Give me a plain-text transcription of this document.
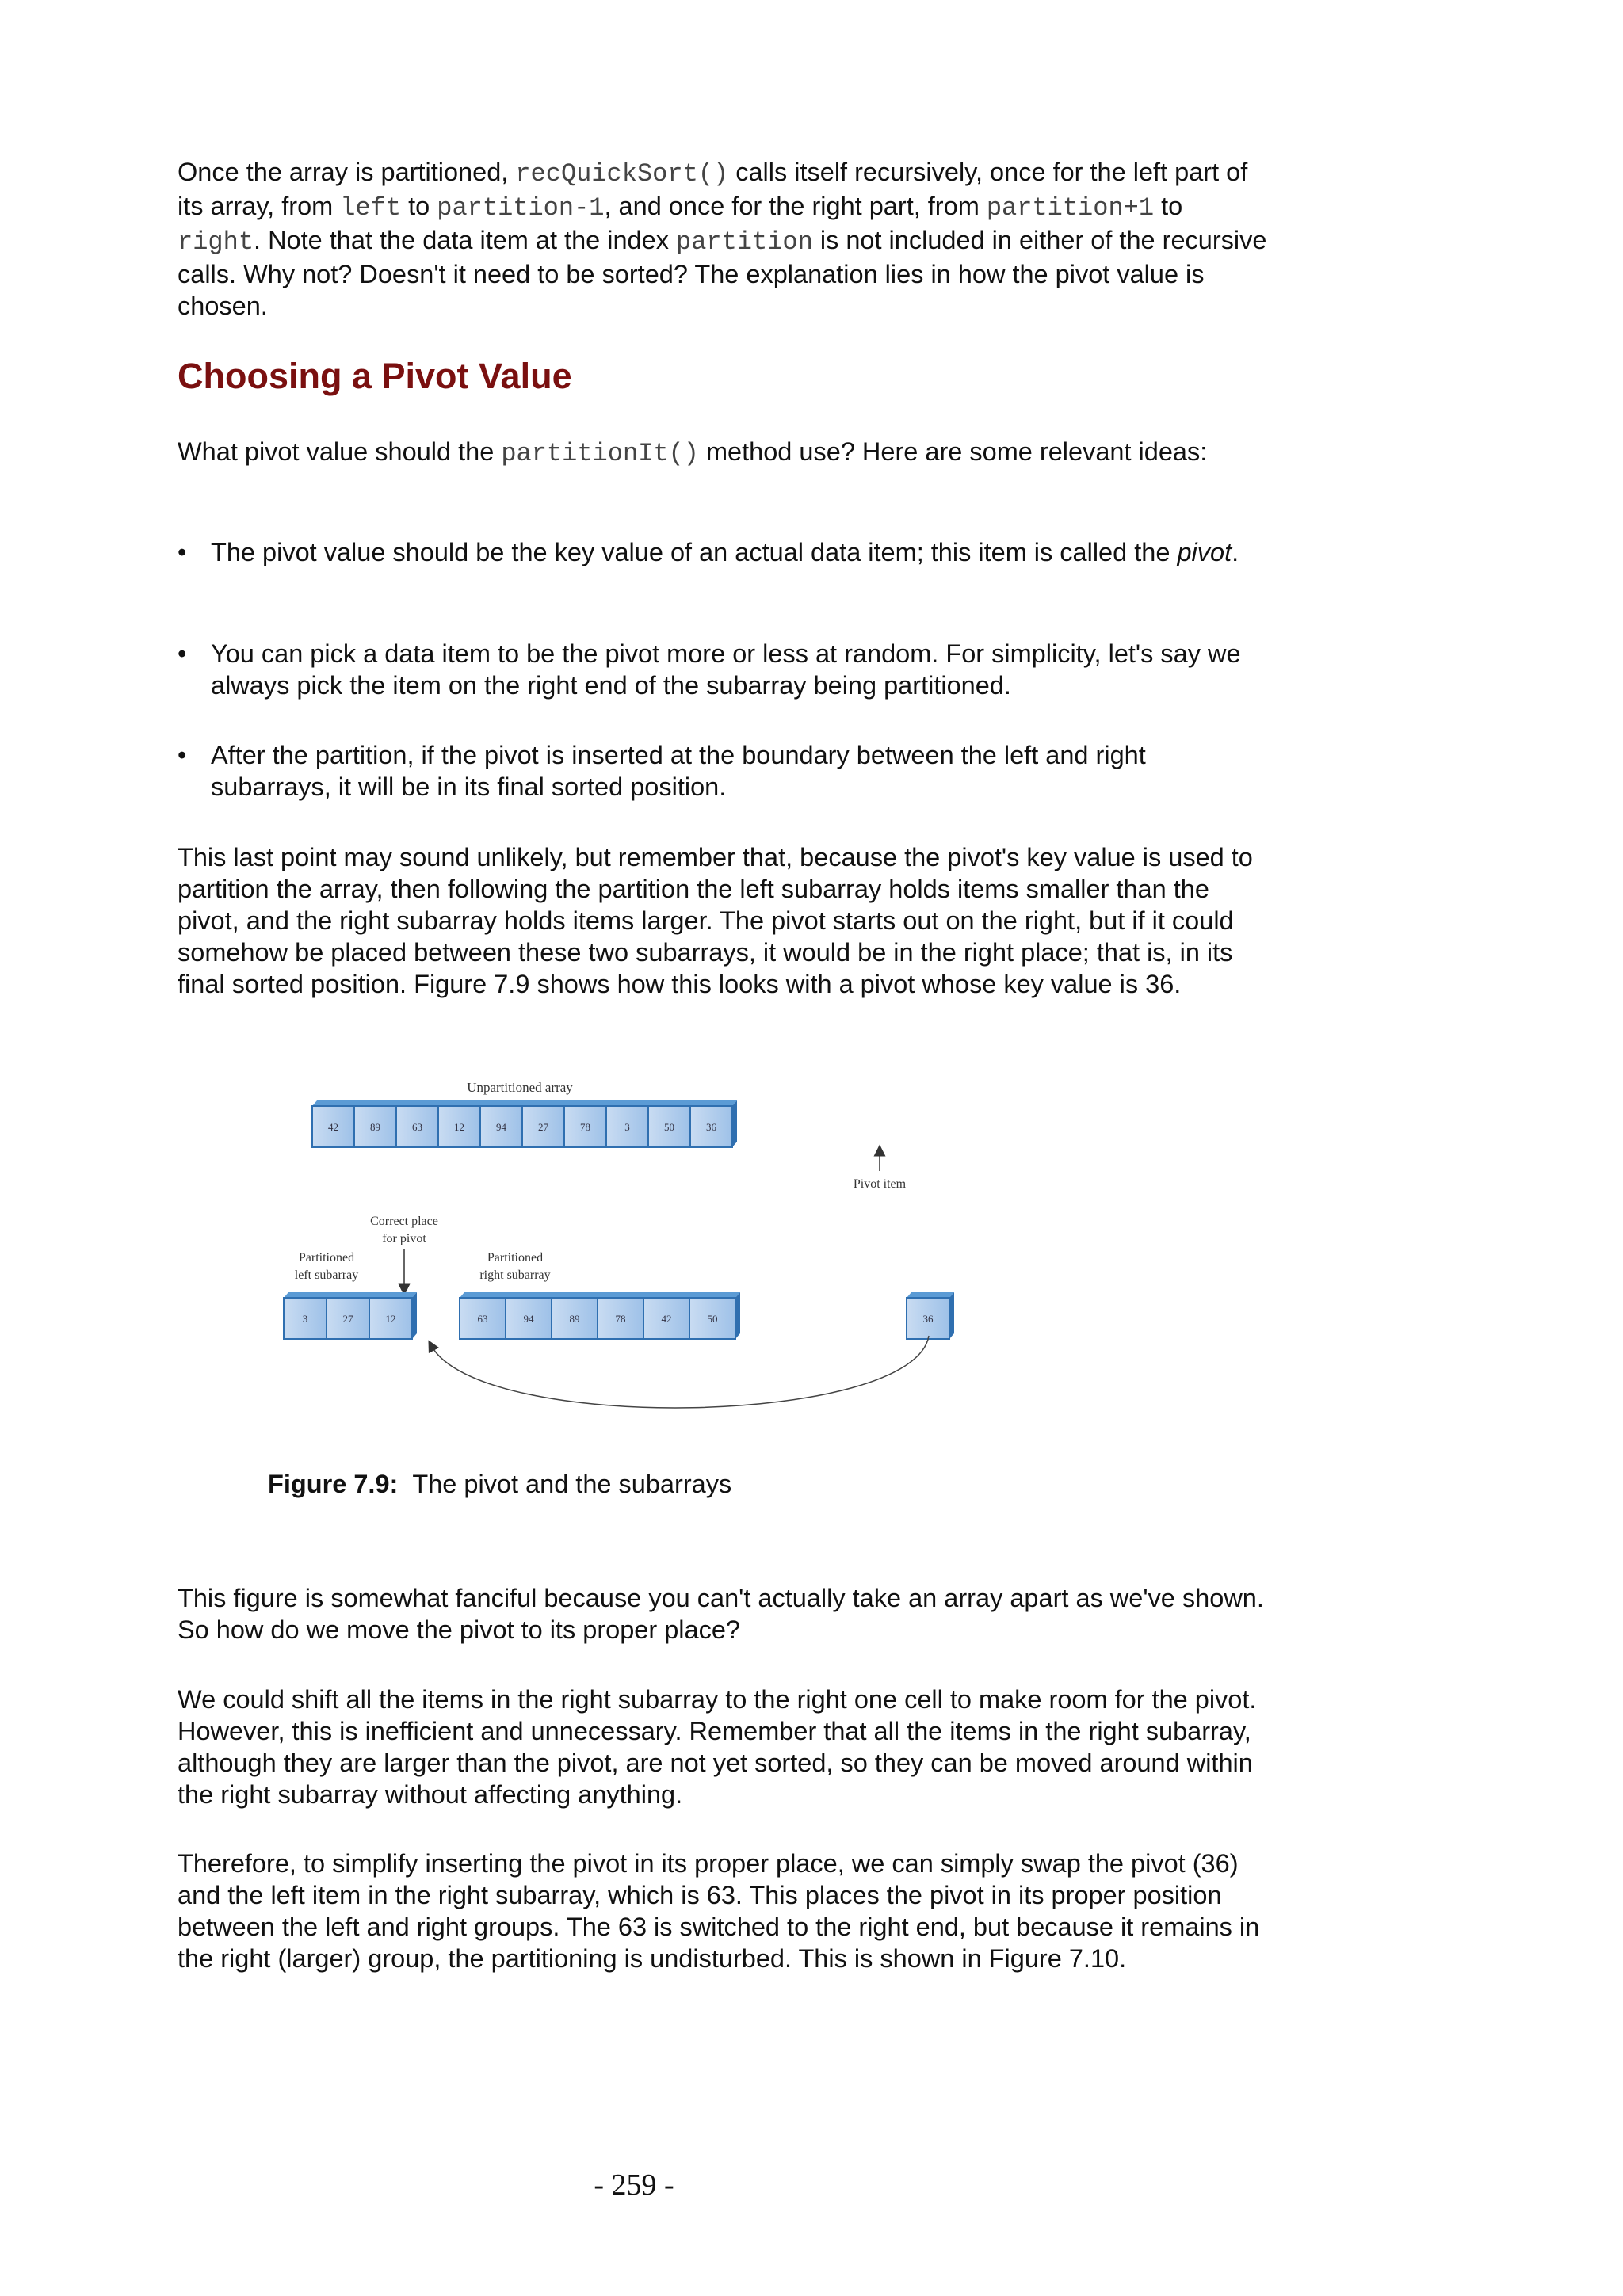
Once the array is partitioned, recQuickSort() calls itself recursively, once for the left part of its array, from left to partition-1, and once for the right part, from partition+1 to right. Note that the data item at the index partition is not included in either of the recursive calls. Why not? Doesn't it need to be sorted? The explanation lies in how the pivot value is chosen.

Choosing a Pivot Value

What pivot value should the partitionIt() method use? Here are some relevant ideas:

• The pivot value should be the key value of an actual data item; this item is called the pivot.
• You can pick a data item to be the pivot more or less at random. For simplicity, let's say we always pick the item on the right end of the subarray being partitioned.
• After the partition, if the pivot is inserted at the boundary between the left and right subarrays, it will be in its final sorted position.

This last point may sound unlikely, but remember that, because the pivot's key value is used to partition the array, then following the partition the left subarray holds items smaller than the pivot, and the right subarray holds items larger. The pivot starts out on the right, but if it could somehow be placed between these two subarrays, it would be in the right place; that is, in its final sorted position. Figure 7.9 shows how this looks with a pivot whose key value is 36.

Unpartitioned array
42	89	63	12	94	27	78	3	50	36
Pivot item
Correct place
for pivot
Partitioned
left subarray
Partitioned
right subarray
3	27	12	63	94	89	78	42	50	36
Figure 7.9: The pivot and the subarrays

This figure is somewhat fanciful because you can't actually take an array apart as we've shown. So how do we move the pivot to its proper place?

We could shift all the items in the right subarray to the right one cell to make room for the pivot. However, this is inefficient and unnecessary. Remember that all the items in the right subarray, although they are larger than the pivot, are not yet sorted, so they can be moved around within the right subarray without affecting anything.

Therefore, to simplify inserting the pivot in its proper place, we can simply swap the pivot (36) and the left item in the right subarray, which is 63. This places the pivot in its proper position between the left and right groups. The 63 is switched to the right end, but because it remains in the right (larger) group, the partitioning is undisturbed. This is shown in Figure 7.10.

- 259 -
